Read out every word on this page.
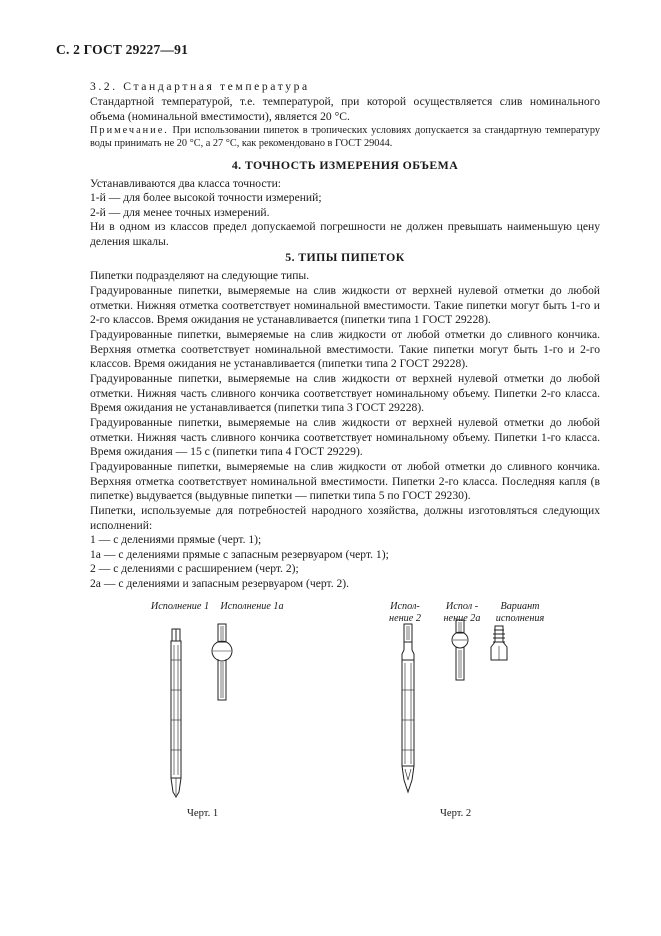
С. 2 ГОСТ 29227—91
3.2. Стандартная температура
Стандартной температурой, т.е. температурой, при которой осуществляется слив номинального объема (номинальной вместимости), является 20 °С.
Примечание. При использовании пипеток в тропических условиях допускается за стандартную температуру воды принимать не 20 °С, а 27 °С, как рекомендовано в ГОСТ 29044.
4. ТОЧНОСТЬ ИЗМЕРЕНИЯ ОБЪЕМА
Устанавливаются два класса точности:
1-й — для более высокой точности измерений;
2-й — для менее точных измерений.
Ни в одном из классов предел допускаемой погрешности не должен превышать наименьшую цену деления шкалы.
5. ТИПЫ ПИПЕТОК
Пипетки подразделяют на следующие типы.
Градуированные пипетки, вымеряемые на слив жидкости от верхней нулевой отметки до любой отметки. Нижняя отметка соответствует номинальной вместимости. Такие пипетки могут быть 1-го и 2-го классов. Время ожидания не устанавливается (пипетки типа 1 ГОСТ 29228).
Градуированные пипетки, вымеряемые на слив жидкости от любой отметки до сливного кончика. Верхняя отметка соответствует номинальной вместимости. Такие пипетки могут быть 1-го и 2-го классов. Время ожидания не устанавливается (пипетки типа 2 ГОСТ 29228).
Градуированные пипетки, вымеряемые на слив жидкости от верхней нулевой отметки до любой отметки. Нижняя часть сливного кончика соответствует номинальному объему. Пипетки 2-го класса. Время ожидания не устанавливается (пипетки типа 3 ГОСТ 29228).
Градуированные пипетки, вымеряемые на слив жидкости от верхней нулевой отметки до любой отметки. Нижняя часть сливного кончика соответствует номинальному объему. Пипетки 1-го класса. Время ожидания — 15 с (пипетки типа 4 ГОСТ 29229).
Градуированные пипетки, вымеряемые на слив жидкости от любой отметки до сливного кончика. Верхняя отметка соответствует номинальной вместимости. Пипетки 2-го класса. Последняя капля (в пипетке) выдувается (выдувные пипетки — пипетки типа 5 по ГОСТ 29230).
Пипетки, используемые для потребностей народного хозяйства, должны изготовляться следующих исполнений:
1 — с делениями прямые (черт. 1);
1а — с делениями прямые с запасным резервуаром (черт. 1);
2 — с делениями с расширением (черт. 2);
2а — с делениями и запасным резервуаром (черт. 2).
Исполнение 1	Исполнение 1а	Испол-
нение 2
Испол -
нение 2а
Вариант
исполнения
Черт. 1	Черт. 2
